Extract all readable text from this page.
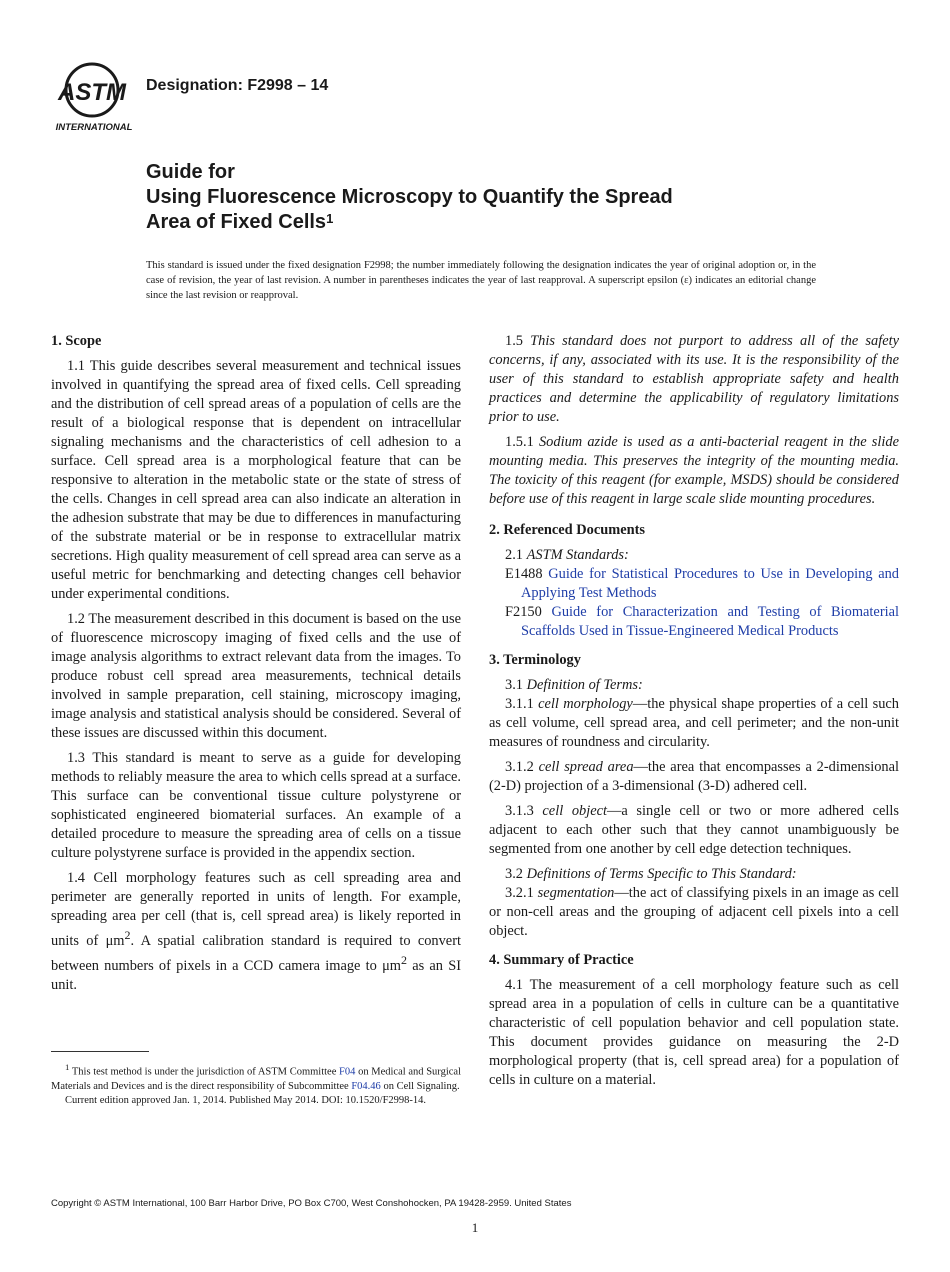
ASTM
INTERNATIONAL
Designation: F2998 – 14
Guide for
Using Fluorescence Microscopy to Quantify the Spread
Area of Fixed Cells$^1$
This standard is issued under the fixed designation F2998; the number immediately following the designation indicates the year of original adoption or, in the case of revision, the year of last revision. A number in parentheses indicates the year of last reapproval. A superscript epsilon (ε) indicates an editorial change since the last revision or reapproval.
1. Scope

1.1 This guide describes several measurement and technical issues involved in quantifying the spread area of fixed cells. Cell spreading and the distribution of cell spread areas of a population of cells are the result of a biological response that is dependent on intracellular signaling mechanisms and the characteristics of cell adhesion to a surface. Cell spread area is a morphological feature that can be responsive to alteration in the metabolic state or the state of stress of the cells. Changes in cell spread area can also indicate an alteration in the adhesion substrate that may be due to differences in manufacturing of the substrate material or be in response to extracellular matrix secretions. High quality measurement of cell spread area can serve as a useful metric for benchmarking and detecting changes cell behavior under experimental conditions.

1.2 The measurement described in this document is based on the use of fluorescence microscopy imaging of fixed cells and the use of image analysis algorithms to extract relevant data from the images. To produce robust cell spread area measurements, technical details involved in sample preparation, cell staining, microscopy imaging, image analysis and statistical analysis should be considered. Several of these issues are discussed within this document.

1.3 This standard is meant to serve as a guide for developing methods to reliably measure the area to which cells spread at a surface. This surface can be conventional tissue culture polystyrene or sophisticated engineered biomaterial surfaces. An example of a detailed procedure to measure the spreading area of cells on a tissue culture polystyrene surface is provided in the appendix section.

1.4 Cell morphology features such as cell spreading area and perimeter are generally reported in units of length. For example, spreading area per cell (that is, cell spread area) is likely reported in units of $\mu m^2$. A spatial calibration standard is required to convert between numbers of pixels in a CCD camera image to $\mu m^2$ as an SI unit.

1.5 This standard does not purport to address all of the safety concerns, if any, associated with its use. It is the responsibility of the user of this standard to establish appropriate safety and health practices and determine the applicability of regulatory limitations prior to use.

1.5.1 Sodium azide is used as a anti-bacterial reagent in the slide mounting media. This preserves the integrity of the mounting media. The toxicity of this reagent (for example, MSDS) should be considered before use of this reagent in large scale slide mounting procedures.

2. Referenced Documents

2.1 ASTM Standards:

E1488 Guide for Statistical Procedures to Use in Developing and Applying Test Methods

F2150 Guide for Characterization and Testing of Biomaterial Scaffolds Used in Tissue-Engineered Medical Products

3. Terminology

3.1 Definition of Terms:

3.1.1 cell morphology—the physical shape properties of a cell such as cell volume, cell spread area, and cell perimeter; and the non-unit measures of roundness and circularity.

3.1.2 cell spread area—the area that encompasses a 2-dimensional (2-D) projection of a 3-dimensional (3-D) adhered cell.

3.1.3 cell object—a single cell or two or more adhered cells adjacent to each other such that they cannot unambiguously be segmented from one another by cell edge detection techniques.

3.2 Definitions of Terms Specific to This Standard:

3.2.1 segmentation—the act of classifying pixels in an image as cell or non-cell areas and the grouping of adjacent cell pixels into a cell object.

4. Summary of Practice

4.1 The measurement of a cell morphology feature such as cell spread area in a population of cells in culture can be a quantitative characteristic of cell population behavior and cell population state. This document provides guidance on measuring the 2-D morphological property (that is, cell spread area) for a population of cells in culture on a material.

$^1$ This test method is under the jurisdiction of ASTM Committee F04 on Medical and Surgical Materials and Devices and is the direct responsibility of Subcommittee F04.46 on Cell Signaling.

Current edition approved Jan. 1, 2014. Published May 2014. DOI: 10.1520/F2998-14.

Copyright © ASTM International, 100 Barr Harbor Drive, PO Box C700, West Conshohocken, PA 19428-2959. United States
1
